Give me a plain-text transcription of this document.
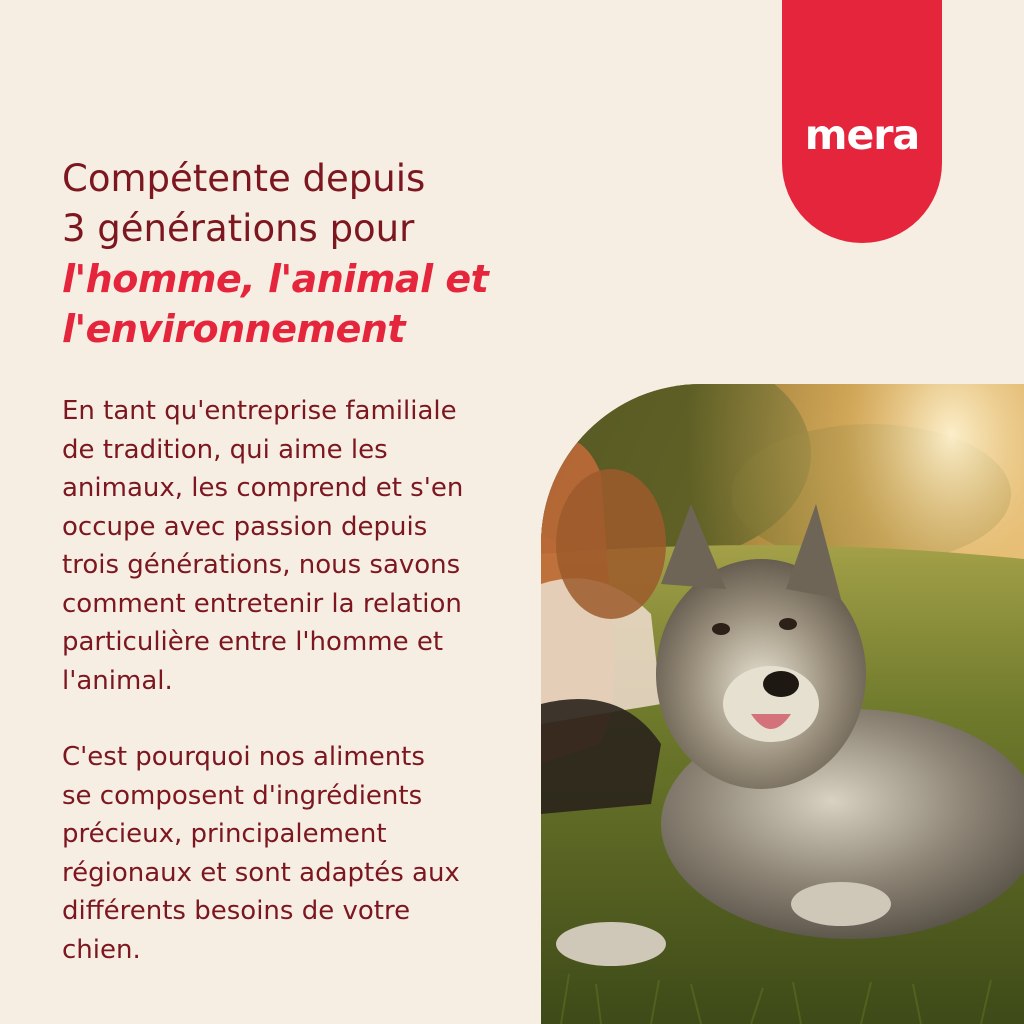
mera
Compétente depuis
3 générations pour
l'homme, l'animal et
l'environnement

En tant qu'entreprise familiale
de tradition, qui aime les
animaux, les comprend et s'en
occupe avec passion depuis
trois générations, nous savons
comment entretenir la relation
particulière entre l'homme et
l'animal.

C'est pourquoi nos aliments
se composent d'ingrédients
précieux, principalement
régionaux et sont adaptés aux
différents besoins de votre
chien.
